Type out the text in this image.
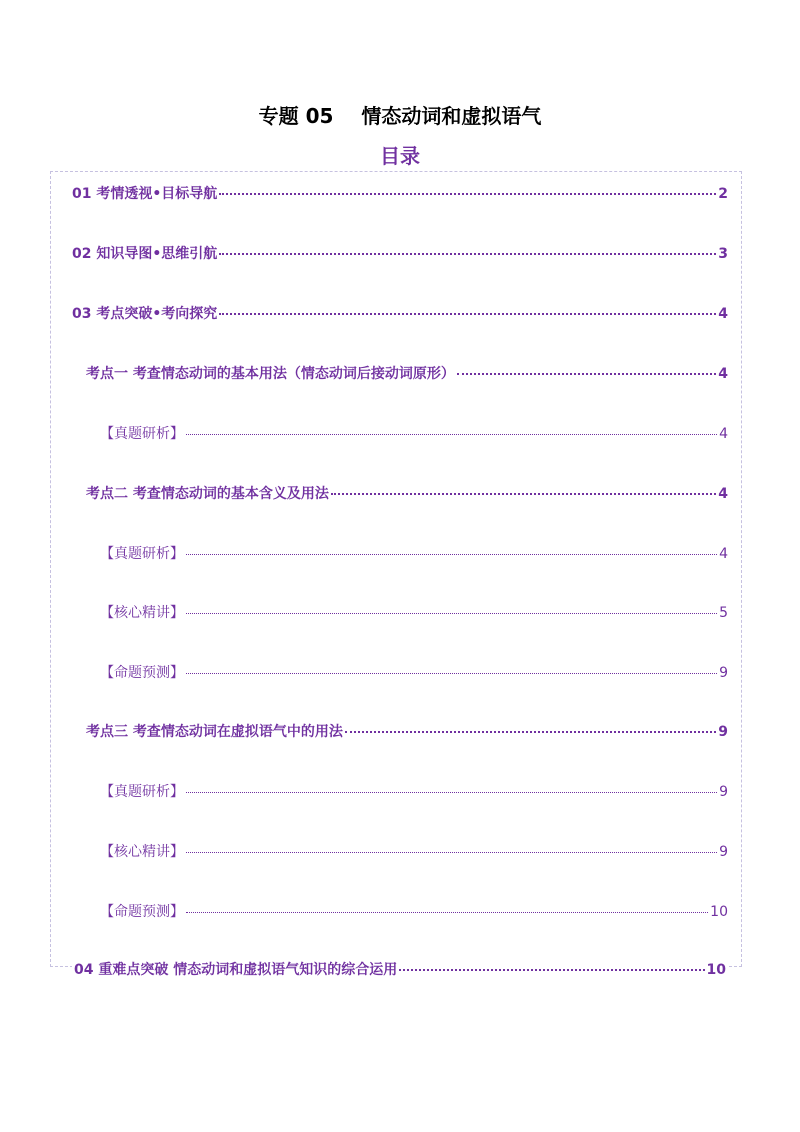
专题 05    情态动词和虚拟语气
目录
01 考情透视•目标导航	2
02 知识导图•思维引航	3
03 考点突破•考向探究	4
考点一 考查情态动词的基本用法（情态动词后接动词原形）	4
【真题研析】	4
考点二 考查情态动词的基本含义及用法	4
【真题研析】	4
【核心精讲】	5
【命题预测】	9
考点三 考查情态动词在虚拟语气中的用法	9
【真题研析】	9
【核心精讲】	9
【命题预测】	10
04 重难点突破 情态动词和虚拟语气知识的综合运用	10
